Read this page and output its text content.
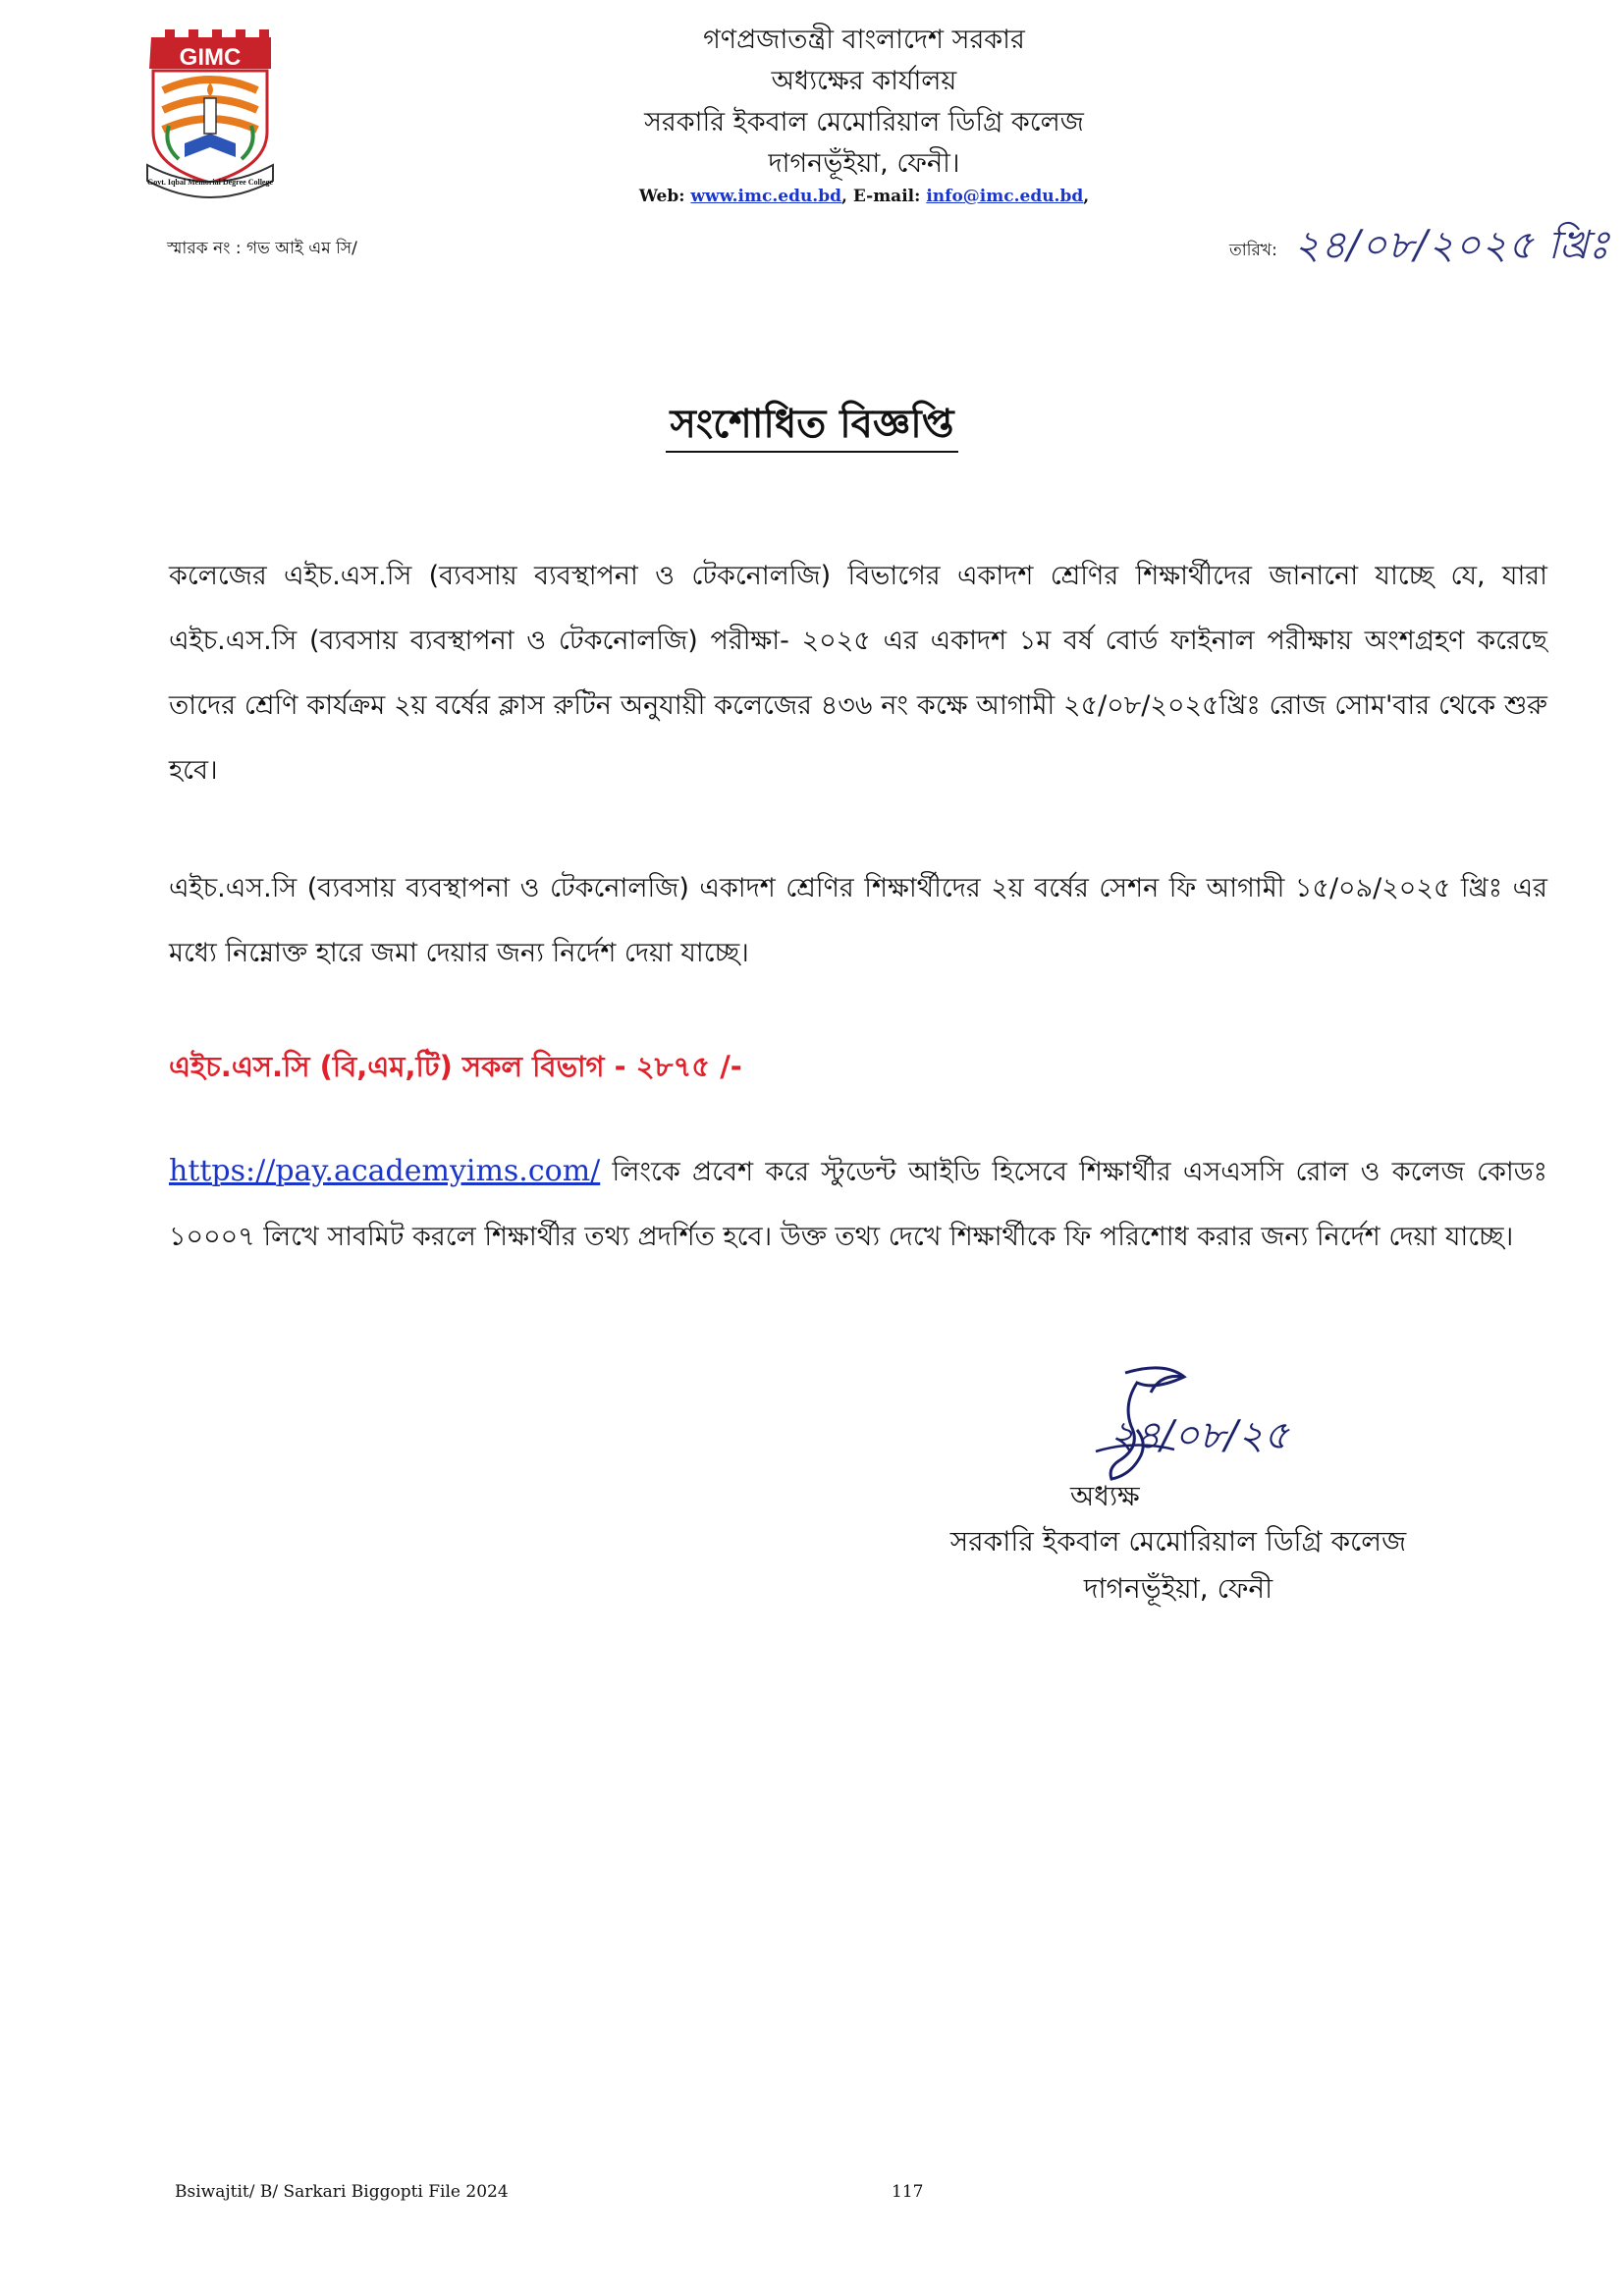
GIMC
Govt. Iqbal Memorial Degree College
গণপ্রজাতন্ত্রী বাংলাদেশ সরকার
অধ্যক্ষের কার্যালয়
সরকারি ইকবাল মেমোরিয়াল ডিগ্রি কলেজ
দাগনভূঁইয়া, ফেনী।
Web: www.imc.edu.bd, E-mail: info@imc.edu.bd,
স্মারক নং : গভ আই এম সি/	তারিখ: ২৪/০৮/২০২৫ খ্রিঃ
সংশোধিত বিজ্ঞপ্তি
কলেজের এইচ.এস.সি (ব্যবসায় ব্যবস্থাপনা ও টেকনোলজি) বিভাগের একাদশ শ্রেণির শিক্ষার্থীদের জানানো যাচ্ছে যে, যারা এইচ.এস.সি (ব্যবসায় ব্যবস্থাপনা ও টেকনোলজি) পরীক্ষা- ২০২৫ এর একাদশ ১ম বর্ষ বোর্ড ফাইনাল পরীক্ষায় অংশগ্রহণ করেছে তাদের শ্রেণি কার্যক্রম ২য় বর্ষের ক্লাস রুটিন অনুযায়ী কলেজের ৪৩৬ নং কক্ষে আগামী ২৫/০৮/২০২৫খ্রিঃ রোজ সোম'বার থেকে শুরু হবে।
এইচ.এস.সি (ব্যবসায় ব্যবস্থাপনা ও টেকনোলজি) একাদশ শ্রেণির শিক্ষার্থীদের ২য় বর্ষের সেশন ফি আগামী ১৫/০৯/২০২৫ খ্রিঃ এর মধ্যে নিম্নোক্ত হারে জমা দেয়ার জন্য নির্দেশ দেয়া যাচ্ছে।
এইচ.এস.সি (বি,এম,টি) সকল বিভাগ - ২৮৭৫ /-
https://pay.academyims.com/ লিংকে প্রবেশ করে স্টুডেন্ট আইডি হিসেবে শিক্ষার্থীর এসএসসি রোল ও কলেজ কোডঃ ১০০০৭ লিখে সাবমিট করলে শিক্ষার্থীর তথ্য প্রদর্শিত হবে। উক্ত তথ্য দেখে শিক্ষার্থীকে ফি পরিশোধ করার জন্য নির্দেশ দেয়া যাচ্ছে।
২৪/০৮/২৫
অধ্যক্ষ
সরকারি ইকবাল মেমোরিয়াল ডিগ্রি কলেজ
দাগনভূঁইয়া, ফেনী
Bsiwajtit/ B/ Sarkari Biggopti File 2024	117
